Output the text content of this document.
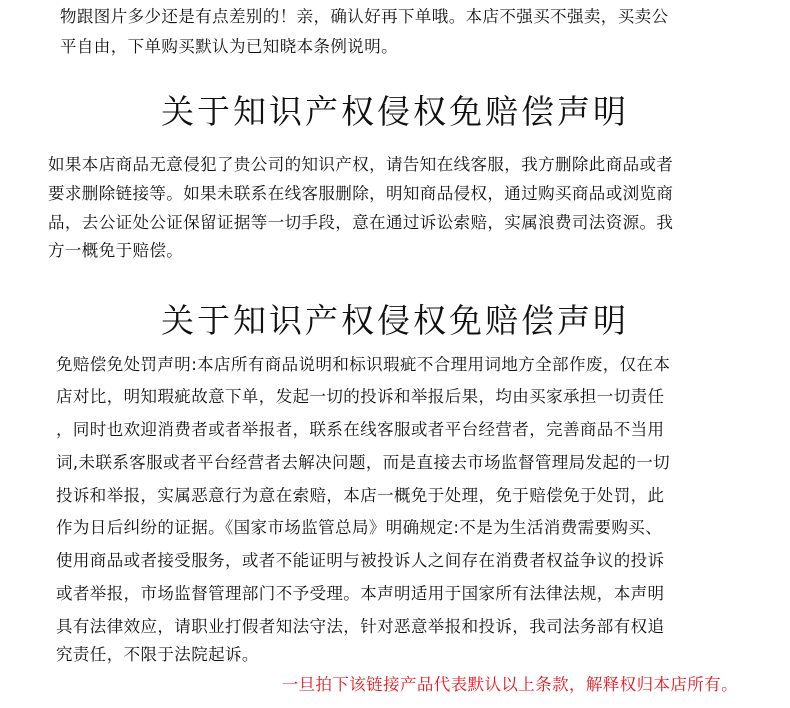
物跟图片多少还是有点差别的！亲，确认好再下单哦。本店不强买不强卖，买卖公
平自由，下单购买默认为已知晓本条例说明。
关于知识产权侵权免赔偿声明
如果本店商品无意侵犯了贵公司的知识产权，请告知在线客服，我方删除此商品或者
要求删除链接等。如果未联系在线客服删除，明知商品侵权，通过购买商品或浏览商
品，去公证处公证保留证据等一切手段，意在通过诉讼索赔，实属浪费司法资源。我
方一概免于赔偿。
关于知识产权侵权免赔偿声明
免赔偿免处罚声明:本店所有商品说明和标识瑕疵不合理用词地方全部作废，仅在本
店对比，明知瑕疵故意下单，发起一切的投诉和举报后果，均由买家承担一切责任
，同时也欢迎消费者或者举报者，联系在线客服或者平台经营者，完善商品不当用
词,未联系客服或者平台经营者去解决问题，而是直接去市场监督管理局发起的一切
投诉和举报，实属恶意行为意在索赔，本店一概免于处理，免于赔偿免于处罚，此
作为日后纠纷的证据。《国家市场监管总局》明确规定:不是为生活消费需要购买、
使用商品或者接受服务，或者不能证明与被投诉人之间存在消费者权益争议的投诉
或者举报，市场监督管理部门不予受理。本声明适用于国家所有法律法规，本声明
具有法律效应，请职业打假者知法守法，针对恶意举报和投诉，我司法务部有权追
究责任，不限于法院起诉。
一旦拍下该链接产品代表默认以上条款，解释权归本店所有。
